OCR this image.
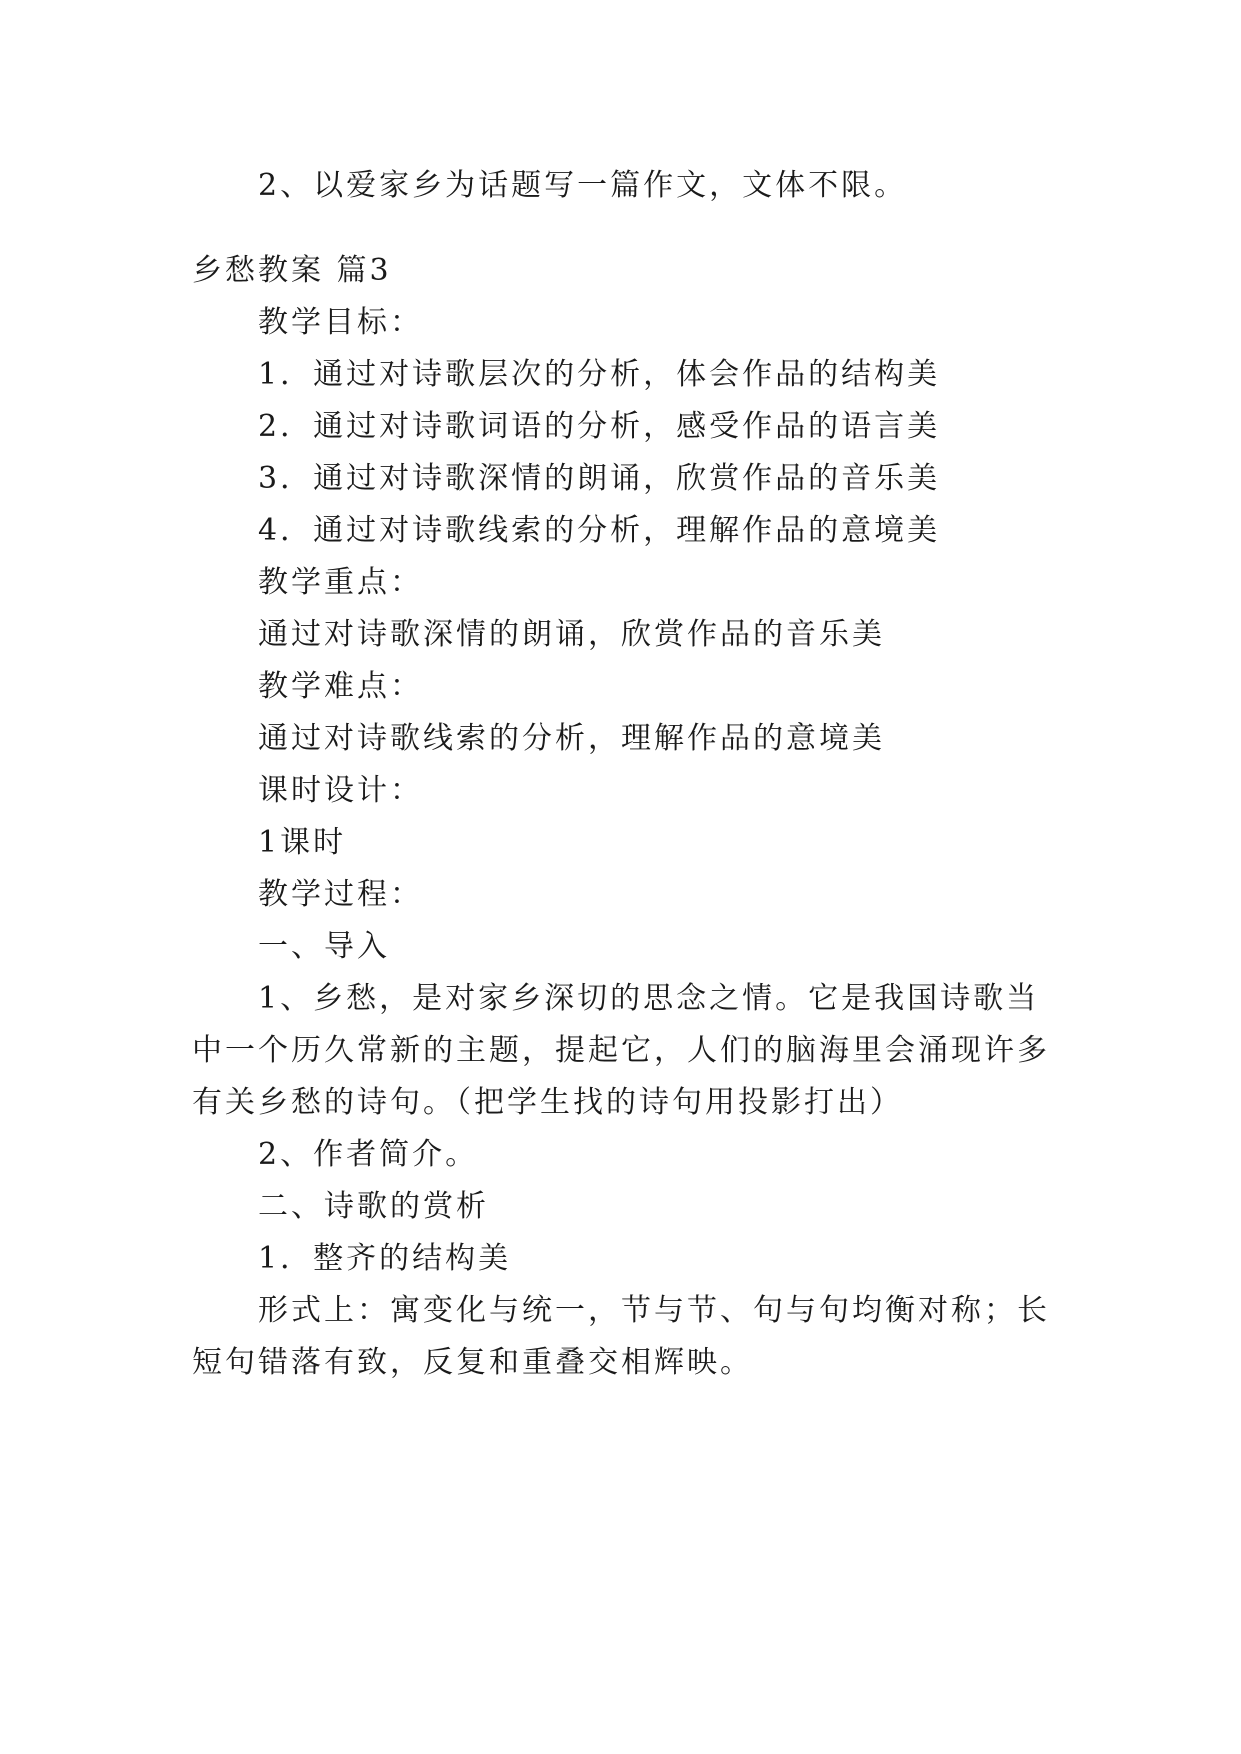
2、以爱家乡为话题写一篇作文，文体不限。
乡愁教案 篇3
教学目标：
1．通过对诗歌层次的分析，体会作品的结构美
2．通过对诗歌词语的分析，感受作品的语言美
3．通过对诗歌深情的朗诵，欣赏作品的音乐美
4．通过对诗歌线索的分析，理解作品的意境美
教学重点：
通过对诗歌深情的朗诵，欣赏作品的音乐美
教学难点：
通过对诗歌线索的分析，理解作品的意境美
课时设计：
1课时
教学过程：
一、导入
1、乡愁，是对家乡深切的思念之情。它是我国诗歌当
中一个历久常新的主题，提起它，人们的脑海里会涌现许多
有关乡愁的诗句。（把学生找的诗句用投影打出）
2、作者简介。
二、诗歌的赏析
1．整齐的结构美
形式上：寓变化与统一，节与节、句与句均衡对称；长
短句错落有致，反复和重叠交相辉映。
